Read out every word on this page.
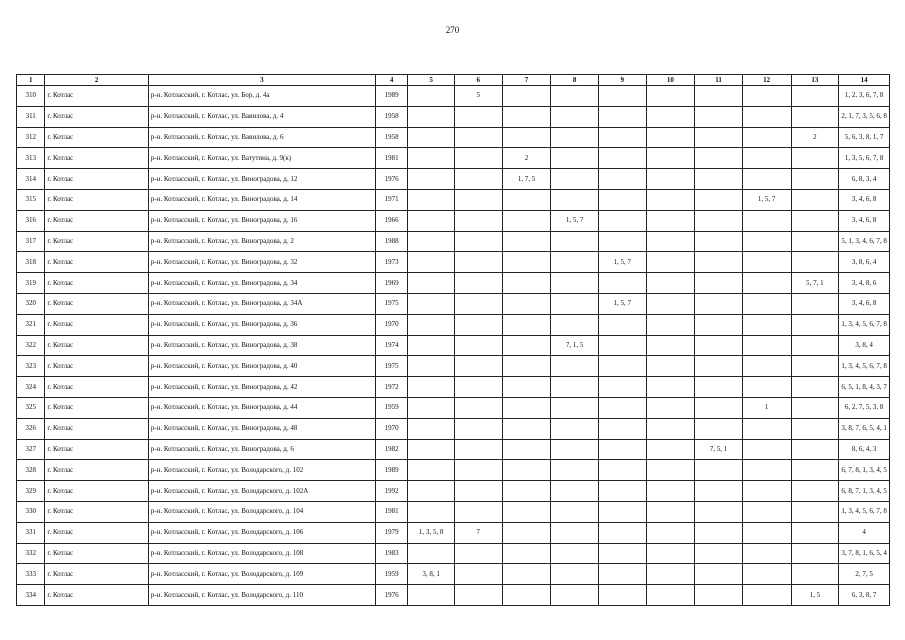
270
1	2	3	4	5	6	7	8	9	10	11	12	13	14
310	г. Котлас	р-н. Котласский, г. Котлас, ул. Бор, д. 4а	1989		5								1, 2, 3, 6, 7, 8
311	г. Котлас	р-н. Котласский, г. Котлас, ул. Вавилова, д. 4	1958										2, 1, 7, 3, 5, 6, 8
312	г. Котлас	р-н. Котласский, г. Котлас, ул. Вавилова, д. 6	1958									2	5, 6, 3, 8, 1, 7
313	г. Котлас	р-н. Котласский, г. Котлас, ул. Ватутина, д. 9(к)	1981			2							1, 3, 5, 6, 7, 8
314	г. Котлас	р-н. Котласский, г. Котлас, ул. Виноградова, д. 12	1976			1, 7, 5							6, 8, 3, 4
315	г. Котлас	р-н. Котласский, г. Котлас, ул. Виноградова, д. 14	1971								1, 5, 7		3, 4, 6, 8
316	г. Котлас	р-н. Котласский, г. Котлас, ул. Виноградова, д. 16	1966				1, 5, 7						3, 4, 6, 8
317	г. Котлас	р-н. Котласский, г. Котлас, ул. Виноградова, д. 2	1988										5, 1, 3, 4, 6, 7, 8
318	г. Котлас	р-н. Котласский, г. Котлас, ул. Виноградова, д. 32	1973					1, 5, 7					3, 8, 6, 4
319	г. Котлас	р-н. Котласский, г. Котлас, ул. Виноградова, д. 34	1969									5, 7, 1	3, 4, 8, 6
320	г. Котлас	р-н. Котласский, г. Котлас, ул. Виноградова, д. 34А	1975					1, 5, 7					3, 4, 6, 8
321	г. Котлас	р-н. Котласский, г. Котлас, ул. Виноградова, д. 36	1970										1, 3, 4, 5, 6, 7, 8
322	г. Котлас	р-н. Котласский, г. Котлас, ул. Виноградова, д. 38	1974				7, 1, 5						3, 8, 4
323	г. Котлас	р-н. Котласский, г. Котлас, ул. Виноградова, д. 40	1975										1, 3, 4, 5, 6, 7, 8
324	г. Котлас	р-н. Котласский, г. Котлас, ул. Виноградова, д. 42	1972										6, 5, 1, 8, 4, 3, 7
325	г. Котлас	р-н. Котласский, г. Котлас, ул. Виноградова, д. 44	1959								1		6, 2, 7, 5, 3, 8
326	г. Котлас	р-н. Котласский, г. Котлас, ул. Виноградова, д. 48	1970										3, 8, 7, 6, 5, 4, 1
327	г. Котлас	р-н. Котласский, г. Котлас, ул. Виноградова, д. 6	1982							7, 5, 1			8, 6, 4, 3
328	г. Котлас	р-н. Котласский, г. Котлас, ул. Володарского, д. 102	1989										6, 7, 8, 1, 3, 4, 5
329	г. Котлас	р-н. Котласский, г. Котлас, ул. Володарского, д. 102А	1992										6, 8, 7, 1, 3, 4, 5
330	г. Котлас	р-н. Котласский, г. Котлас, ул. Володарского, д. 104	1981										1, 3, 4, 5, 6, 7, 8
331	г. Котлас	р-н. Котласский, г. Котлас, ул. Володарского, д. 106	1979	1, 3, 5, 8	7								4
332	г. Котлас	р-н. Котласский, г. Котлас, ул. Володарского, д. 108	1983										3, 7, 8, 1, 6, 5, 4
333	г. Котлас	р-н. Котласский, г. Котлас, ул. Володарского, д. 109	1959	3, 8, 1									2, 7, 5
334	г. Котлас	р-н. Котласский, г. Котлас, ул. Володарского, д. 110	1976									1, 5	6, 3, 8, 7
